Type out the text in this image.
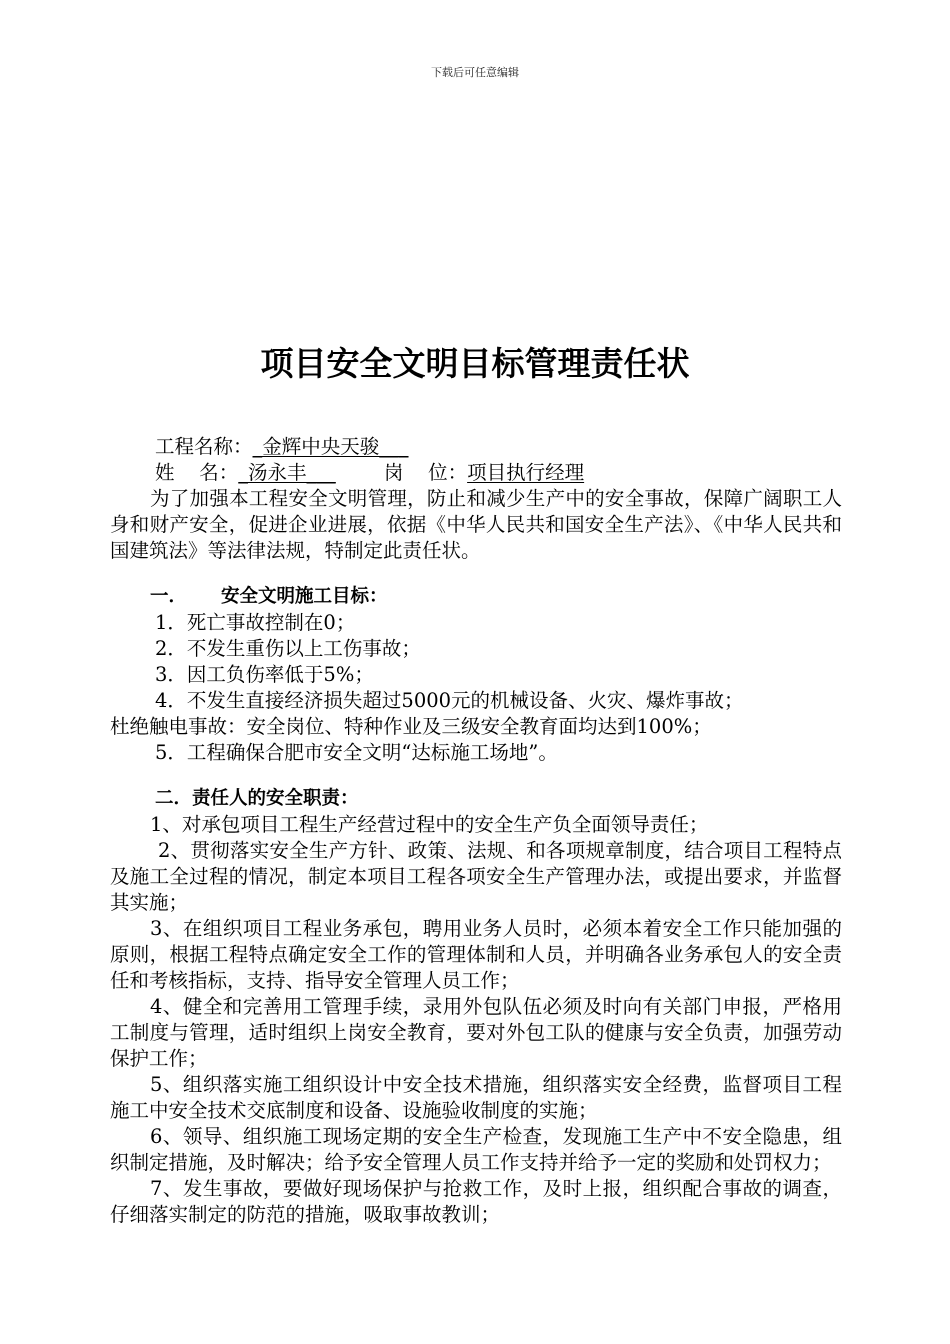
下载后可任意编辑
项目安全文明目标管理责任状

工程名称：_金辉中央天骏___

姓    名：_汤永丰___ 岗    位：项目执行经理

为了加强本工程安全文明管理，防止和减少生产中的安全事故，保障广阔职工人身和财产安全，促进企业进展，依据《中华人民共和国安全生产法》、《中华人民共和国建筑法》等法律法规，特制定此责任状。

一． 安全文明施工目标：

1．死亡事故控制在0；

2．不发生重伤以上工伤事故；

3．因工负伤率低于5%；

4．不发生直接经济损失超过5000元的机械设备、火灾、爆炸事故；

杜绝触电事故：安全岗位、特种作业及三级安全教育面均达到100%；

5．工程确保合肥市安全文明“达标施工场地”。

二．责任人的安全职责：

1、对承包项目工程生产经营过程中的安全生产负全面领导责任；

2、贯彻落实安全生产方针、政策、法规、和各项规章制度，结合项目工程特点及施工全过程的情况，制定本项目工程各项安全生产管理办法，或提出要求，并监督其实施；

3、在组织项目工程业务承包，聘用业务人员时，必须本着安全工作只能加强的原则，根据工程特点确定安全工作的管理体制和人员，并明确各业务承包人的安全责任和考核指标，支持、指导安全管理人员工作；

4、健全和完善用工管理手续，录用外包队伍必须及时向有关部门申报，严格用工制度与管理，适时组织上岗安全教育，要对外包工队的健康与安全负责，加强劳动保护工作；

5、组织落实施工组织设计中安全技术措施，组织落实安全经费，监督项目工程施工中安全技术交底制度和设备、设施验收制度的实施；

6、领导、组织施工现场定期的安全生产检查，发现施工生产中不安全隐患，组织制定措施，及时解决；给予安全管理人员工作支持并给予一定的奖励和处罚权力；

7、发生事故，要做好现场保护与抢救工作，及时上报，组织配合事故的调查，仔细落实制定的防范的措施，吸取事故教训；
